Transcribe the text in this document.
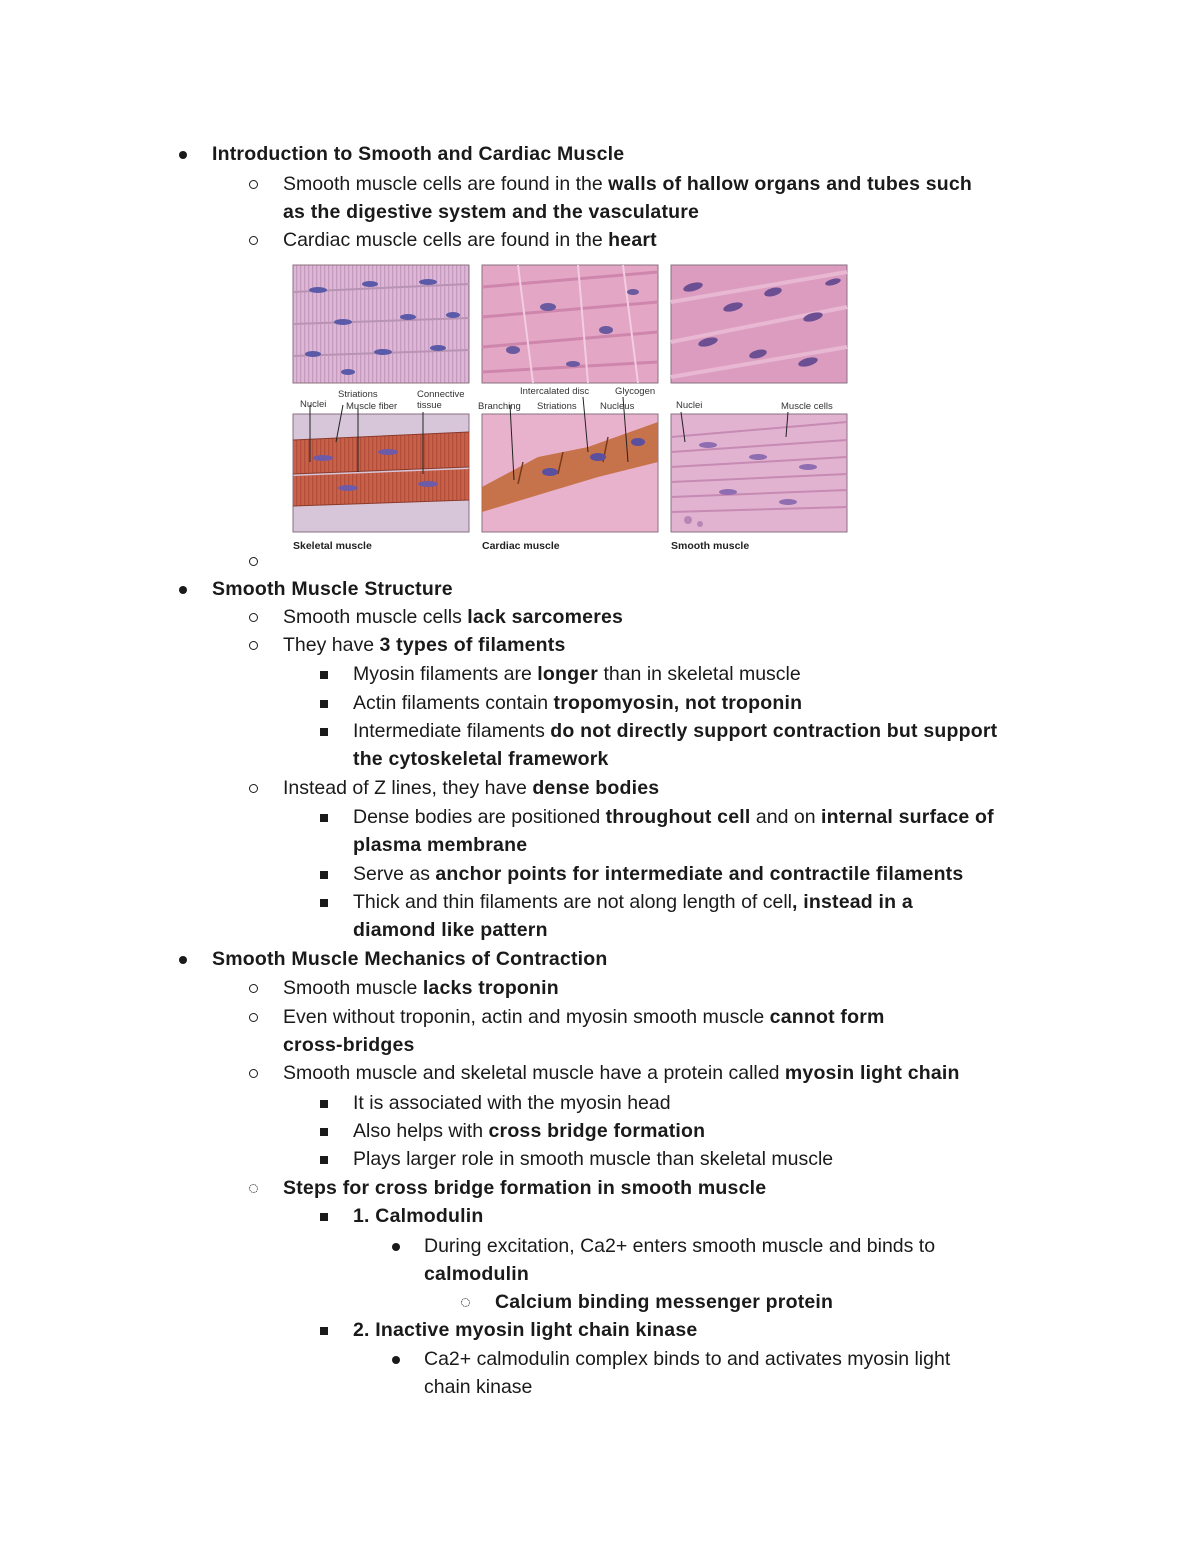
Introduction to Smooth and Cardiac Muscle
Smooth muscle cells are found in the walls of hallow organs and tubes such
as the digestive system and the vasculature
Cardiac muscle cells are found in the heart
Striations
Nuclei Muscle fiber
Connective
tissue
Intercalated disc	Glycogen
Branching Striations Nucleus	Nuclei	Muscle cells
Skeletal muscle	Cardiac muscle	Smooth muscle
Smooth Muscle Structure
Smooth muscle cells lack sarcomeres
They have 3 types of filaments
Myosin filaments are longer than in skeletal muscle
Actin filaments contain tropomyosin, not troponin
Intermediate filaments do not directly support contraction but support
the cytoskeletal framework
Instead of Z lines, they have dense bodies
Dense bodies are positioned throughout cell and on internal surface of
plasma membrane
Serve as anchor points for intermediate and contractile filaments
Thick and thin filaments are not along length of cell, instead in a
diamond like pattern
Smooth Muscle Mechanics of Contraction
Smooth muscle lacks troponin
Even without troponin, actin and myosin smooth muscle cannot form
cross-bridges
Smooth muscle and skeletal muscle have a protein called myosin light chain
It is associated with the myosin head
Also helps with cross bridge formation
Plays larger role in smooth muscle than skeletal muscle
Steps for cross bridge formation in smooth muscle
1. Calmodulin
During excitation, Ca2+ enters smooth muscle and binds to
calmodulin
Calcium binding messenger protein
2. Inactive myosin light chain kinase
Ca2+ calmodulin complex binds to and activates myosin light
chain kinase
